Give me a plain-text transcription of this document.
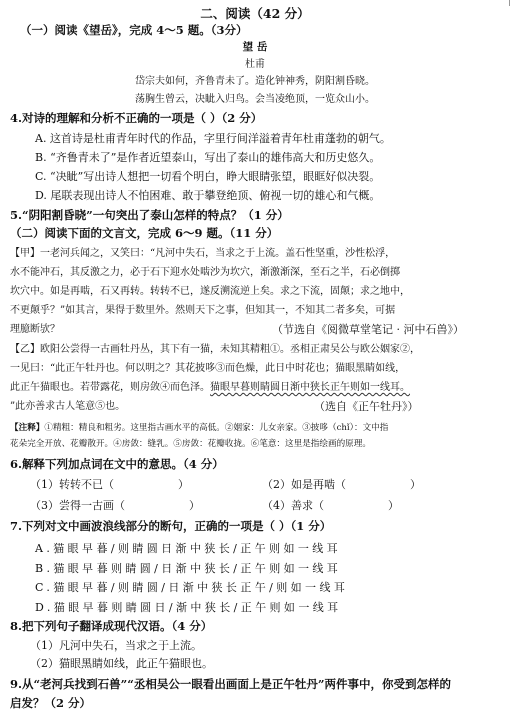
二、阅读（42 分）
（一）阅读《望岳》，完成 4～5 题。（3分）
望 岳
杜甫
岱宗夫如何，齐鲁青未了。造化钟神秀，阴阳割昏晓。
荡胸生曾云，决眦入归鸟。会当凌绝顶，一览众山小。
4.对诗的理解和分析不正确的一项是（ ）（2 分）
A. 这首诗是杜甫青年时代的作品，字里行间洋溢着青年杜甫蓬勃的朝气。
B. “齐鲁青未了”是作者近望泰山，写出了泰山的雄伟高大和历史悠久。
C. “决眦”写出诗人想把一切看个明白，睁大眼睛张望，眼眶好似决裂。
D. 尾联表现出诗人不怕困难、敢于攀登绝顶、俯视一切的雄心和气概。
5.“阴阳割昏晓”一句突出了泰山怎样的特点？（1 分）
（二）阅读下面的文言文，完成 6～9 题。（11 分）
【甲】一老河兵闻之，又笑曰：“凡河中失石，当求之于上流。盖石性坚重，沙性松浮，
水不能冲石，其反激之力，必于石下迎水处啮沙为坎穴，渐激渐深，至石之半，石必倒掷
坎穴中。如是再啮，石又再转。转转不已，遂反溯流逆上矣。求之下流，固颠；求之地中，
不更颠乎？”如其言，果得于数里外。然则天下之事，但知其一，不知其二者多矣，可据
理臆断欤？	（节选自《阅微草堂笔记 · 河中石兽》）
【乙】欧阳公尝得一古画牡丹丛，其下有一猫，未知其精粗①。丞相正肃吴公与欧公姻家②，
一见曰：“此正午牡丹也。何以明之？其花披哆③而色燥，此日中时花也；猫眼黑睛如线，
此正午猫眼也。若带露花，则房敛④而色泽。猫眼早暮则睛圆日渐中狭长正午则如一线耳。
”此亦善求古人笔意⑤也。	（选自《正午牡丹》）
【注释】①精粗：精良和粗劣。这里指古画水平的高低。②姻家：儿女亲家。③披哆（chǐ）：文中指
花朵完全开放、花瓣散开。④房敛：缝乳。⑤房敛：花瓣收拢。⑥笔意：这里是指绘画的原理。
6.解释下列加点词在文中的意思。（4 分）
（1）转转不已（	）	（2）如是再啮（	）
（3）尝得一古画（	）	（4）善求（	）
7.下列对文中画波浪线部分的断句，正确的一项是（ ）（1 分）
A.猫眼早暮/则睛圆日渐中狭长/正午则如一线耳
B.猫眼早暮则睛圆/日渐中狭长/正午则如一线耳
C.猫眼早暮/则睛圆/日渐中狭长正午/则如一线耳
D.猫眼早暮则睛圆日/渐中狭长/正午则如一线耳
8.把下列句子翻译成现代汉语。（4 分）
（1）凡河中失石，当求之于上流。
（2）猫眼黑睛如线，此正午猫眼也。
9.从“老河兵找到石兽”“丞相吴公一眼看出画面上是正午牡丹”两件事中，你受到怎样的
启发？（2 分）
